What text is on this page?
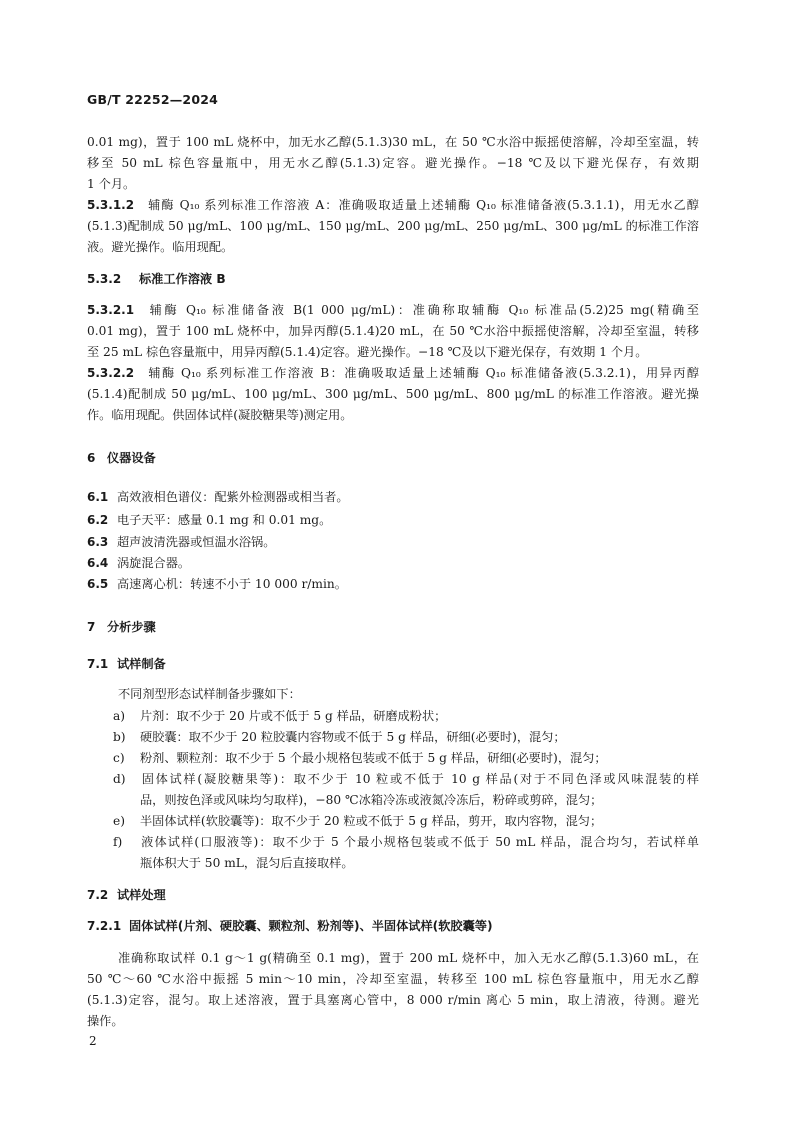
GB/T 22252—2024
0.01 mg)，置于 100 mL 烧杯中，加无水乙醇(5.1.3)30 mL，在 50 ℃水浴中振摇使溶解，冷却至室温，转
移至 50 mL 棕色容量瓶中，用无水乙醇(5.1.3)定容。避光操作。−18 ℃及以下避光保存，有效期
1 个月。
5.3.1.2 辅酶 Q₁₀ 系列标准工作溶液 A：准确吸取适量上述辅酶 Q₁₀ 标准储备液(5.3.1.1)，用无水乙醇
(5.1.3)配制成 50 μg/mL、100 μg/mL、150 μg/mL、200 μg/mL、250 μg/mL、300 μg/mL 的标准工作溶
液。避光操作。临用现配。
5.3.2 标准工作溶液 B
5.3.2.1 辅酶 Q₁₀ 标准储备液 B(1 000 μg/mL)：准确称取辅酶 Q₁₀ 标准品(5.2)25 mg(精确至
0.01 mg)，置于 100 mL 烧杯中，加异丙醇(5.1.4)20 mL，在 50 ℃水浴中振摇使溶解，冷却至室温，转移
至 25 mL 棕色容量瓶中，用异丙醇(5.1.4)定容。避光操作。−18 ℃及以下避光保存，有效期 1 个月。
5.3.2.2 辅酶 Q₁₀ 系列标准工作溶液 B：准确吸取适量上述辅酶 Q₁₀ 标准储备液(5.3.2.1)，用异丙醇
(5.1.4)配制成 50 μg/mL、100 μg/mL、300 μg/mL、500 μg/mL、800 μg/mL 的标准工作溶液。避光操
作。临用现配。供固体试样(凝胶糖果等)测定用。
6 仪器设备
6.1 高效液相色谱仪：配紫外检测器或相当者。
6.2 电子天平：感量 0.1 mg 和 0.01 mg。
6.3 超声波清洗器或恒温水浴锅。
6.4 涡旋混合器。
6.5 高速离心机：转速不小于 10 000 r/min。
7 分析步骤
7.1 试样制备
不同剂型形态试样制备步骤如下：
a) 片剂：取不少于 20 片或不低于 5 g 样品，研磨成粉状；
b) 硬胶囊：取不少于 20 粒胶囊内容物或不低于 5 g 样品，研细(必要时)，混匀；
c) 粉剂、颗粒剂：取不少于 5 个最小规格包装或不低于 5 g 样品，研细(必要时)，混匀；
d) 固体试样(凝胶糖果等)：取不少于 10 粒或不低于 10 g 样品(对于不同色泽或风味混装的样
品，则按色泽或风味均匀取样)，−80 ℃冰箱冷冻或液氮冷冻后，粉碎或剪碎，混匀；
e) 半固体试样(软胶囊等)：取不少于 20 粒或不低于 5 g 样品，剪开，取内容物，混匀；
f) 液体试样(口服液等)：取不少于 5 个最小规格包装或不低于 50 mL 样品，混合均匀，若试样单
瓶体积大于 50 mL，混匀后直接取样。
7.2 试样处理
7.2.1 固体试样(片剂、硬胶囊、颗粒剂、粉剂等)、半固体试样(软胶囊等)
准确称取试样 0.1 g～1 g(精确至 0.1 mg)，置于 200 mL 烧杯中，加入无水乙醇(5.1.3)60 mL，在
50 ℃～60 ℃水浴中振摇 5 min～10 min，冷却至室温，转移至 100 mL 棕色容量瓶中，用无水乙醇
(5.1.3)定容，混匀。取上述溶液，置于具塞离心管中，8 000 r/min 离心 5 min，取上清液，待测。避光
操作。
2
